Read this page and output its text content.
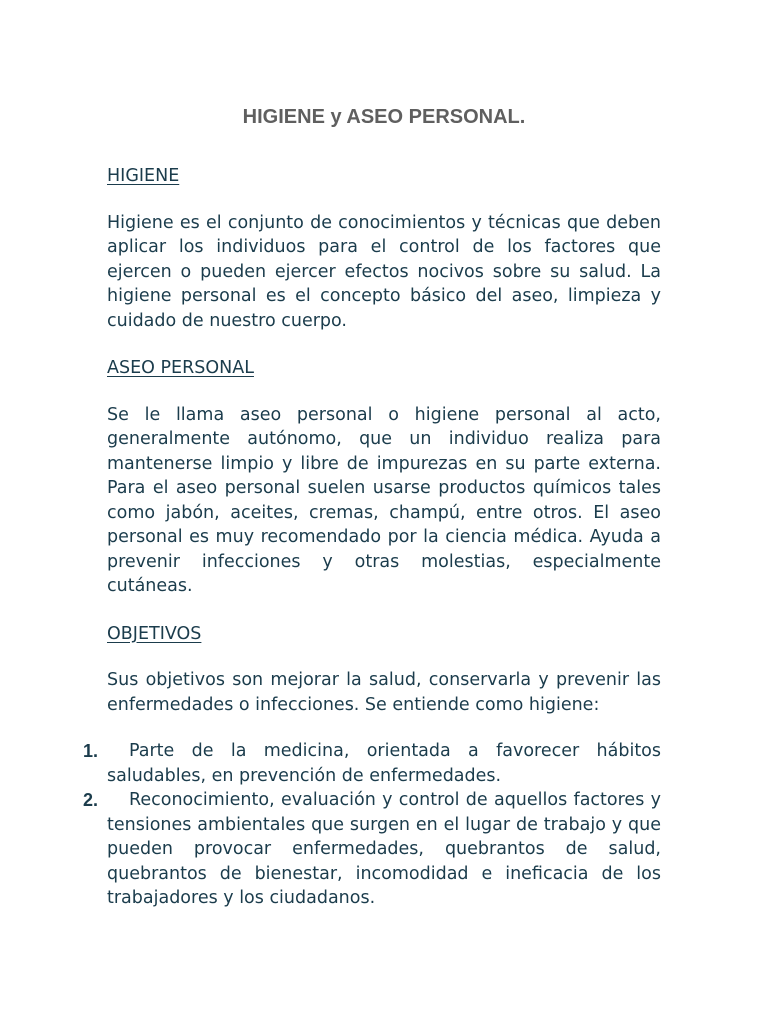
HIGIENE y ASEO PERSONAL.
HIGIENE

Higiene es el conjunto de conocimientos y técnicas que deben aplicar los individuos para el control de los factores que ejercen o pueden ejercer efectos nocivos sobre su salud. La higiene personal es el concepto básico del aseo, limpieza y cuidado de nuestro cuerpo.

ASEO PERSONAL

Se le llama aseo personal o higiene personal al acto, generalmente autónomo, que un individuo realiza para mantenerse limpio y libre de impurezas en su parte externa. Para el aseo personal suelen usarse productos químicos tales como jabón, aceites, cremas, champú, entre otros. El aseo personal es muy recomendado por la ciencia médica. Ayuda a prevenir infecciones y otras molestias, especialmente cutáneas.

OBJETIVOS

Sus objetivos son mejorar la salud, conservarla y prevenir las enfermedades o infecciones. Se entiende como higiene:

1.	Parte de la medicina, orientada a favorecer hábitos saludables, en prevención de enfermedades.
2.	Reconocimiento, evaluación y control de aquellos factores y tensiones ambientales que surgen en el lugar de trabajo y que pueden provocar enfermedades, quebrantos de salud, quebrantos de bienestar, incomodidad e ineficacia de los trabajadores y los ciudadanos.
